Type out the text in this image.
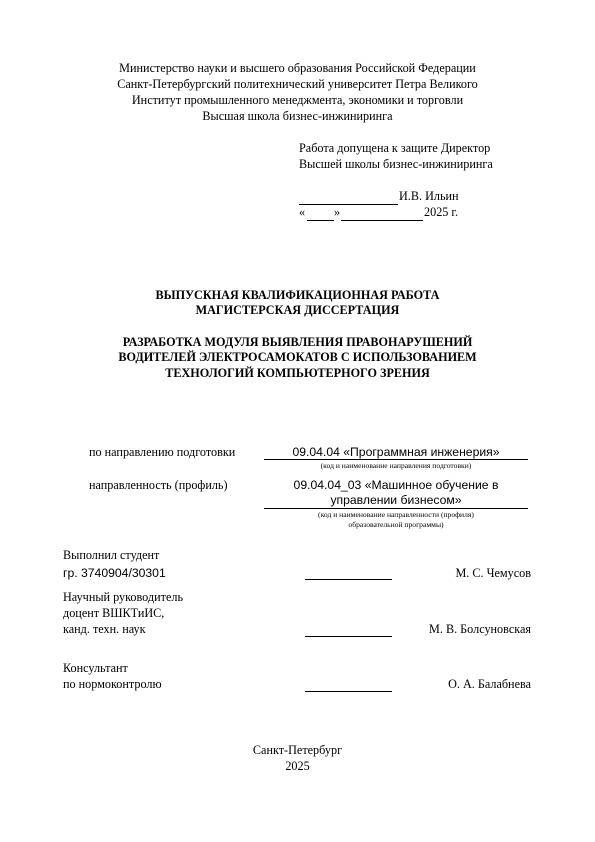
Министерство науки и высшего образования Российской Федерации
Санкт-Петербургский политехнический университет Петра Великого
Институт промышленного менеджмента, экономики и торговли
Высшая школа бизнес-инжиниринга
Работа допущена к защите Директор
Высшей школы бизнес-инжиниринга
И.В. Ильин
« »	2025 г.
ВЫПУСКНАЯ КВАЛИФИКАЦИОННАЯ РАБОТА
МАГИСТЕРСКАЯ ДИССЕРТАЦИЯ
РАЗРАБОТКА МОДУЛЯ ВЫЯВЛЕНИЯ ПРАВОНАРУШЕНИЙ
ВОДИТЕЛЕЙ ЭЛЕКТРОСАМОКАТОВ С ИСПОЛЬЗОВАНИЕМ
ТЕХНОЛОГИЙ КОМПЬЮТЕРНОГО ЗРЕНИЯ
по направлению подготовки	09.04.04 «Программная инженерия»
(код и наименование направления подготовки)
направленность (профиль)	09.04.04_03 «Машинное обучение в
управлении бизнесом»
(код и наименование направленности (профиля)
образовательной программы)
Выполнил студент
гр. 3740904/30301	М. С. Чемусов
Научный руководитель
доцент ВШКТиИС,
канд. техн. наук	М. В. Болсуновская
Консультант
по нормоконтролю	О. А. Балабнева
Санкт-Петербург
2025
